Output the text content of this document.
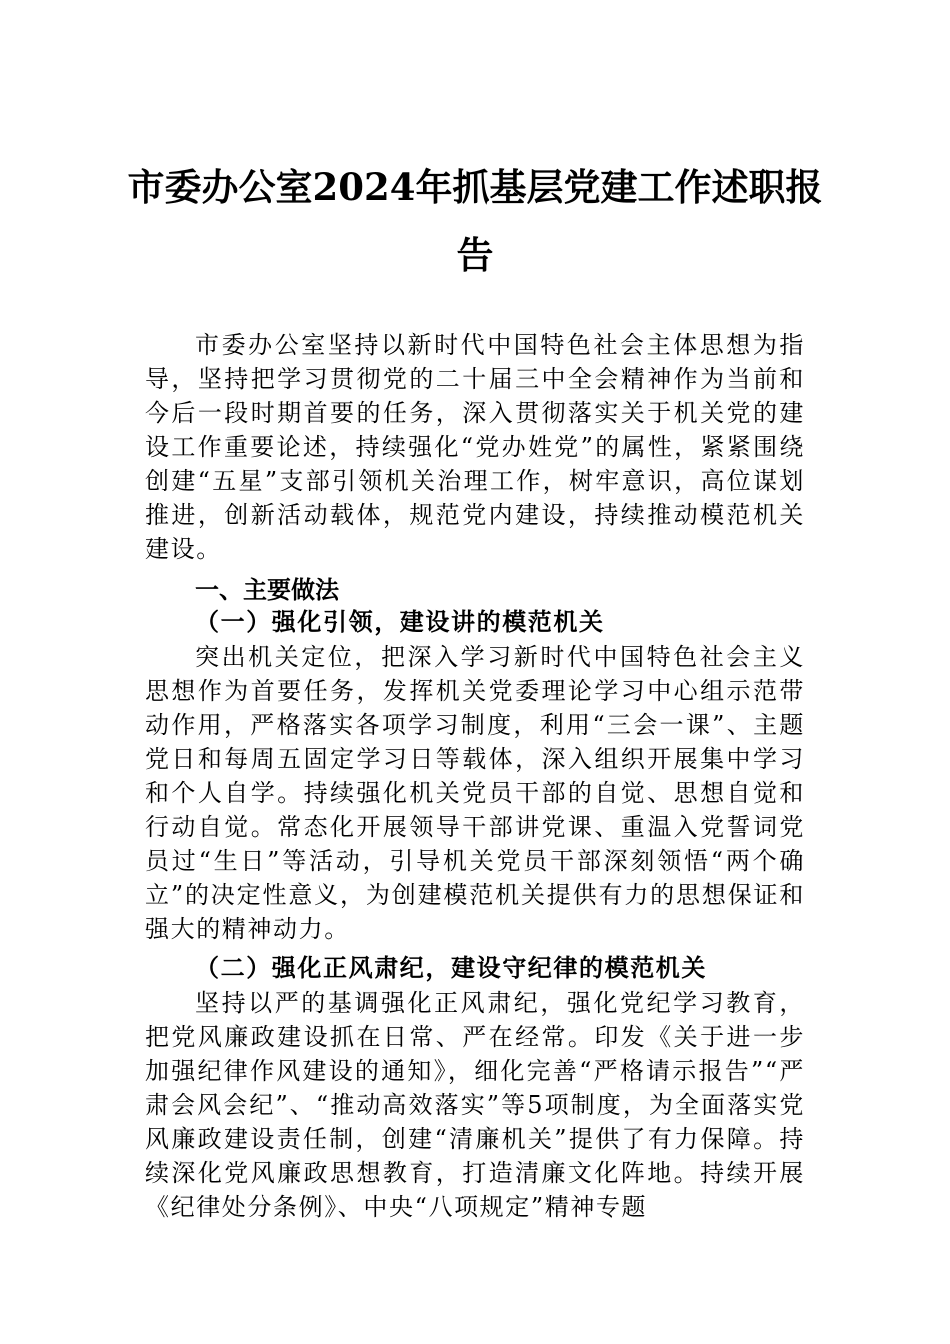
市委办公室2024年抓基层党建工作述职报
告

市委办公室坚持以新时代中国特色社会主体思想为指导，坚持把学习贯彻党的二十届三中全会精神作为当前和今后一段时期首要的任务，深入贯彻落实关于机关党的建设工作重要论述，持续强化“党办姓党”的属性，紧紧围绕创建“五星”支部引领机关治理工作，树牢意识，高位谋划推进，创新活动载体，规范党内建设，持续推动模范机关建设。

一、主要做法
（一）强化引领，建设讲的模范机关

突出机关定位，把深入学习新时代中国特色社会主义思想作为首要任务，发挥机关党委理论学习中心组示范带动作用，严格落实各项学习制度，利用“三会一课”、主题党日和每周五固定学习日等载体，深入组织开展集中学习和个人自学。持续强化机关党员干部的自觉、思想自觉和行动自觉。常态化开展领导干部讲党课、重温入党誓词党员过“生日”等活动，引导机关党员干部深刻领悟“两个确立”的决定性意义，为创建模范机关提供有力的思想保证和强大的精神动力。

（二）强化正风肃纪，建设守纪律的模范机关

坚持以严的基调强化正风肃纪，强化党纪学习教育，把党风廉政建设抓在日常、严在经常。印发《关于进一步加强纪律作风建设的通知》，细化完善“严格请示报告”“严肃会风会纪”、“推动高效落实”等5项制度，为全面落实党风廉政建设责任制，创建“清廉机关”提供了有力保障。持续深化党风廉政思想教育，打造清廉文化阵地。持续开展《纪律处分条例》、中央“八项规定”精神专题
